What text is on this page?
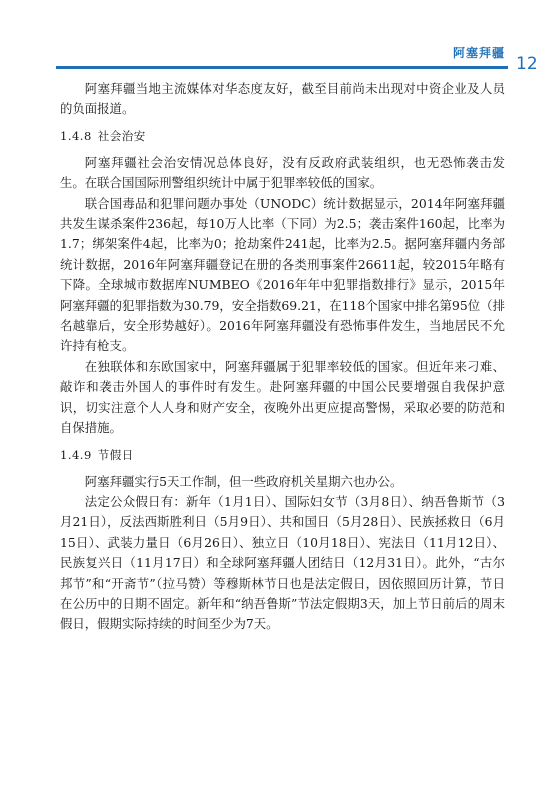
阿塞拜疆
12

阿塞拜疆当地主流媒体对华态度友好，截至目前尚未出现对中资企业及人员的负面报道。

1.4.8 社会治安

阿塞拜疆社会治安情况总体良好，没有反政府武装组织，也无恐怖袭击发生。在联合国国际刑警组织统计中属于犯罪率较低的国家。

联合国毒品和犯罪问题办事处（UNODC）统计数据显示，2014年阿塞拜疆共发生谋杀案件236起，每10万人比率（下同）为2.5；袭击案件160起，比率为1.7；绑架案件4起，比率为0；抢劫案件241起，比率为2.5。据阿塞拜疆内务部统计数据，2016年阿塞拜疆登记在册的各类刑事案件26611起，较2015年略有下降。全球城市数据库NUMBEO《2016年年中犯罪指数排行》显示，2015年阿塞拜疆的犯罪指数为30.79，安全指数69.21，在118个国家中排名第95位（排名越靠后，安全形势越好）。2016年阿塞拜疆没有恐怖事件发生，当地居民不允许持有枪支。

在独联体和东欧国家中，阿塞拜疆属于犯罪率较低的国家。但近年来刁难、敲诈和袭击外国人的事件时有发生。赴阿塞拜疆的中国公民要增强自我保护意识，切实注意个人人身和财产安全，夜晚外出更应提高警惕，采取必要的防范和自保措施。

1.4.9 节假日

阿塞拜疆实行5天工作制，但一些政府机关星期六也办公。

法定公众假日有：新年（1月1日）、国际妇女节（3月8日）、纳吾鲁斯节（3月21日），反法西斯胜利日（5月9日）、共和国日（5月28日）、民族拯救日（6月15日）、武装力量日（6月26日）、独立日（10月18日）、宪法日（11月12日）、民族复兴日（11月17日）和全球阿塞拜疆人团结日（12月31日）。此外，“古尔邦节”和“开斋节”（拉马赞）等穆斯林节日也是法定假日，因依照回历计算，节日在公历中的日期不固定。新年和“纳吾鲁斯”节法定假期3天，加上节日前后的周末假日，假期实际持续的时间至少为7天。
